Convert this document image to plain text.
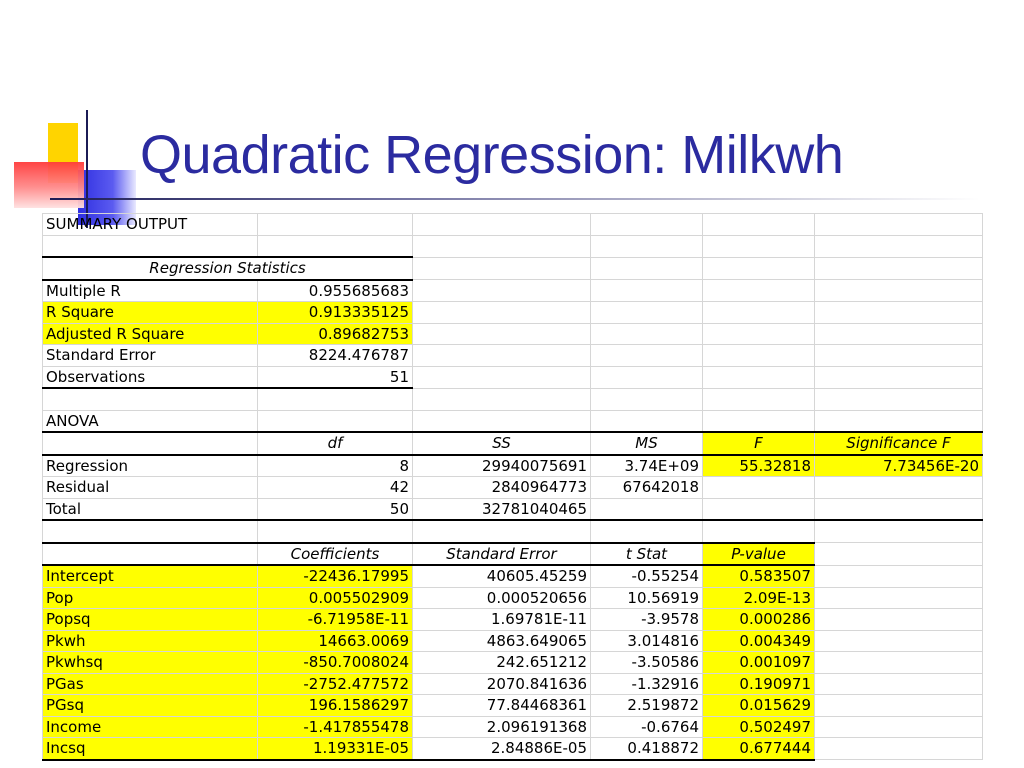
Quadratic Regression: Milkwh
SUMMARY OUTPUT					

Regression Statistics					
Multiple R	0.955685683				
R Square	0.913335125				
Adjusted R Square	0.89682753				
Standard Error	8224.476787				
Observations	51				

ANOVA					
	df	SS	MS	F	Significance F
Regression	8	29940075691	3.74E+09	55.32818	7.73456E-20
Residual	42	2840964773	67642018		
Total	50	32781040465			

	Coefficients	Standard Error	t Stat	P-value	
Intercept	-22436.17995	40605.45259	-0.55254	0.583507	
Pop	0.005502909	0.000520656	10.56919	2.09E-13	
Popsq	-6.71958E-11	1.69781E-11	-3.9578	0.000286	
Pkwh	14663.0069	4863.649065	3.014816	0.004349	
Pkwhsq	-850.7008024	242.651212	-3.50586	0.001097	
PGas	-2752.477572	2070.841636	-1.32916	0.190971	
PGsq	196.1586297	77.84468361	2.519872	0.015629	
Income	-1.417855478	2.096191368	-0.6764	0.502497	
Incsq	1.19331E-05	2.84886E-05	0.418872	0.677444	
